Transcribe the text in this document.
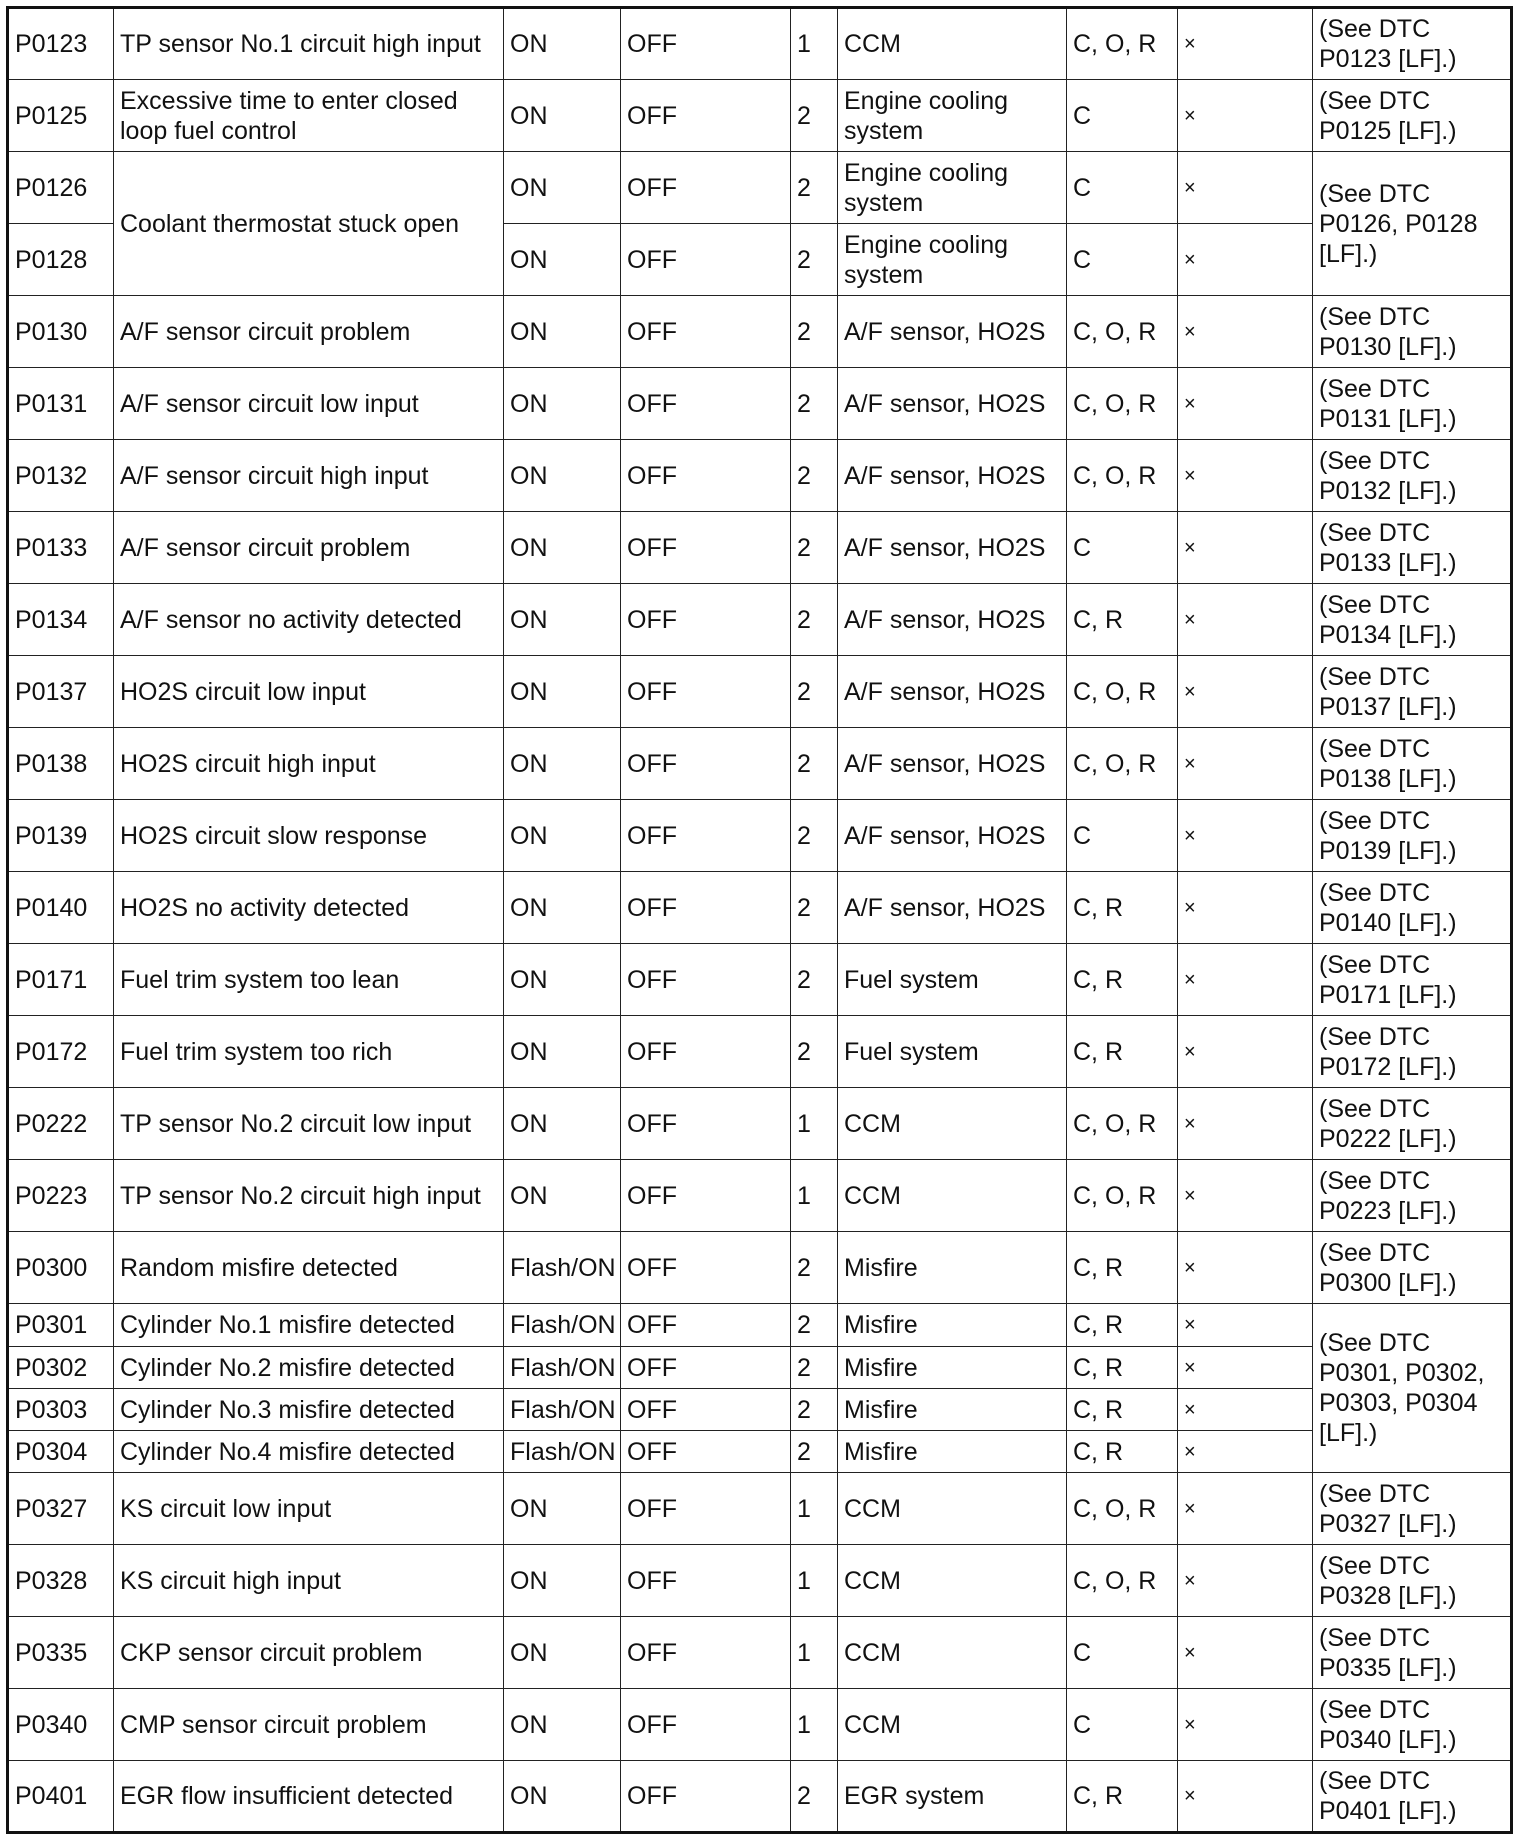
P0123	TP sensor No.1 circuit high input	ON	OFF	1	CCM	C, O, R	×	(See DTC P0123 [LF].)
P0125	Excessive time to enter closed loop fuel control	ON	OFF	2	Engine cooling system	C	×	(See DTC P0125 [LF].)
P0126	Coolant thermostat stuck open	ON	OFF	2	Engine cooling system	C	×	(See DTC P0126, P0128 [LF].)
P0128		ON	OFF	2	Engine cooling system	C	×	
P0130	A/F sensor circuit problem	ON	OFF	2	A/F sensor, HO2S	C, O, R	×	(See DTC P0130 [LF].)
P0131	A/F sensor circuit low input	ON	OFF	2	A/F sensor, HO2S	C, O, R	×	(See DTC P0131 [LF].)
P0132	A/F sensor circuit high input	ON	OFF	2	A/F sensor, HO2S	C, O, R	×	(See DTC P0132 [LF].)
P0133	A/F sensor circuit problem	ON	OFF	2	A/F sensor, HO2S	C	×	(See DTC P0133 [LF].)
P0134	A/F sensor no activity detected	ON	OFF	2	A/F sensor, HO2S	C, R	×	(See DTC P0134 [LF].)
P0137	HO2S circuit low input	ON	OFF	2	A/F sensor, HO2S	C, O, R	×	(See DTC P0137 [LF].)
P0138	HO2S circuit high input	ON	OFF	2	A/F sensor, HO2S	C, O, R	×	(See DTC P0138 [LF].)
P0139	HO2S circuit slow response	ON	OFF	2	A/F sensor, HO2S	C	×	(See DTC P0139 [LF].)
P0140	HO2S no activity detected	ON	OFF	2	A/F sensor, HO2S	C, R	×	(See DTC P0140 [LF].)
P0171	Fuel trim system too lean	ON	OFF	2	Fuel system	C, R	×	(See DTC P0171 [LF].)
P0172	Fuel trim system too rich	ON	OFF	2	Fuel system	C, R	×	(See DTC P0172 [LF].)
P0222	TP sensor No.2 circuit low input	ON	OFF	1	CCM	C, O, R	×	(See DTC P0222 [LF].)
P0223	TP sensor No.2 circuit high input	ON	OFF	1	CCM	C, O, R	×	(See DTC P0223 [LF].)
P0300	Random misfire detected	Flash/ON	OFF	2	Misfire	C, R	×	(See DTC P0300 [LF].)
P0301	Cylinder No.1 misfire detected	Flash/ON	OFF	2	Misfire	C, R	×	(See DTC P0301, P0302, P0303, P0304 [LF].)
P0302	Cylinder No.2 misfire detected	Flash/ON	OFF	2	Misfire	C, R	×	
P0303	Cylinder No.3 misfire detected	Flash/ON	OFF	2	Misfire	C, R	×	
P0304	Cylinder No.4 misfire detected	Flash/ON	OFF	2	Misfire	C, R	×	
P0327	KS circuit low input	ON	OFF	1	CCM	C, O, R	×	(See DTC P0327 [LF].)
P0328	KS circuit high input	ON	OFF	1	CCM	C, O, R	×	(See DTC P0328 [LF].)
P0335	CKP sensor circuit problem	ON	OFF	1	CCM	C	×	(See DTC P0335 [LF].)
P0340	CMP sensor circuit problem	ON	OFF	1	CCM	C	×	(See DTC P0340 [LF].)
P0401	EGR flow insufficient detected	ON	OFF	2	EGR system	C, R	×	(See DTC P0401 [LF].)
